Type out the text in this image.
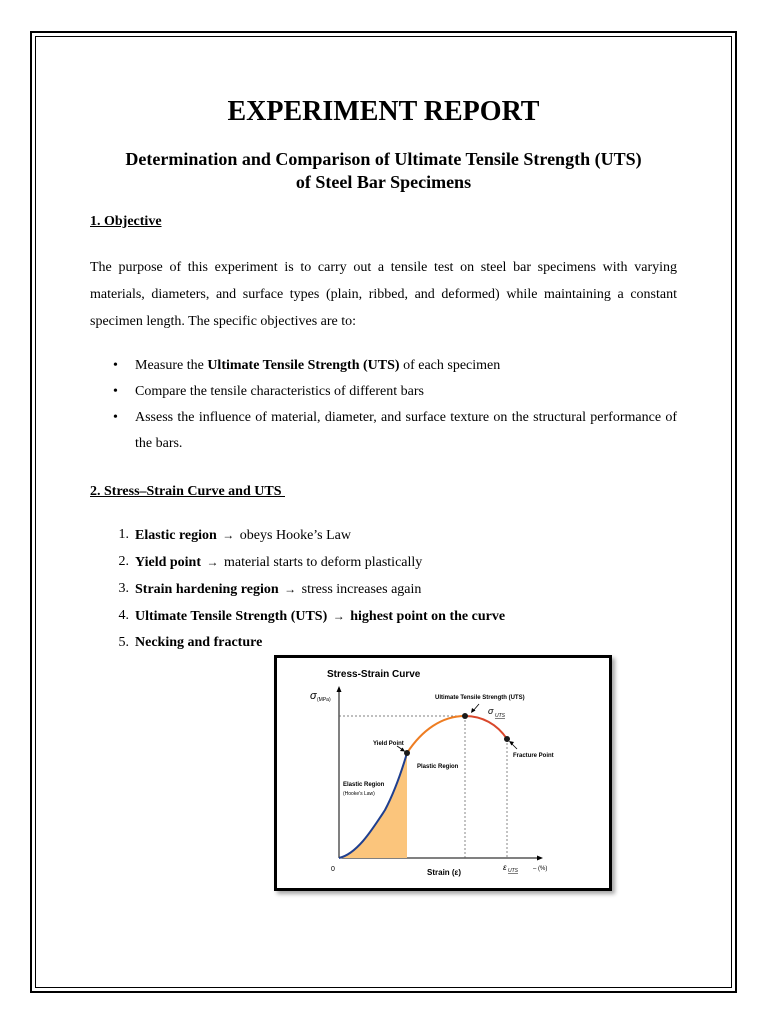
EXPERIMENT REPORT
Determination and Comparison of Ultimate Tensile Strength (UTS)
of Steel Bar Specimens
1. Objective
The purpose of this experiment is to carry out a tensile test on steel bar specimens with varying materials, diameters, and surface types (plain, ribbed, and deformed) while maintaining a constant specimen length. The specific objectives are to:
• Measure the Ultimate Tensile Strength (UTS) of each specimen
• Compare the tensile characteristics of different bars
• Assess the influence of material, diameter, and surface texture on the structural performance of the bars.
2. Stress–Strain Curve and UTS
1. Elastic region → obeys Hooke’s Law
2. Yield point → material starts to deform plastically
3. Strain hardening region → stress increases again
4. Ultimate Tensile Strength (UTS) → highest point on the curve
5. Necking and fracture
Stress-Strain Curve
σ (MPa)	Ultimate Tensile Strength (UTS)
σ UTS
Yield Point
Plastic Region
Elastic Region
(Hooke's Law)
Fracture Point
0	Strain (ε)
ε UTS	– (%)
